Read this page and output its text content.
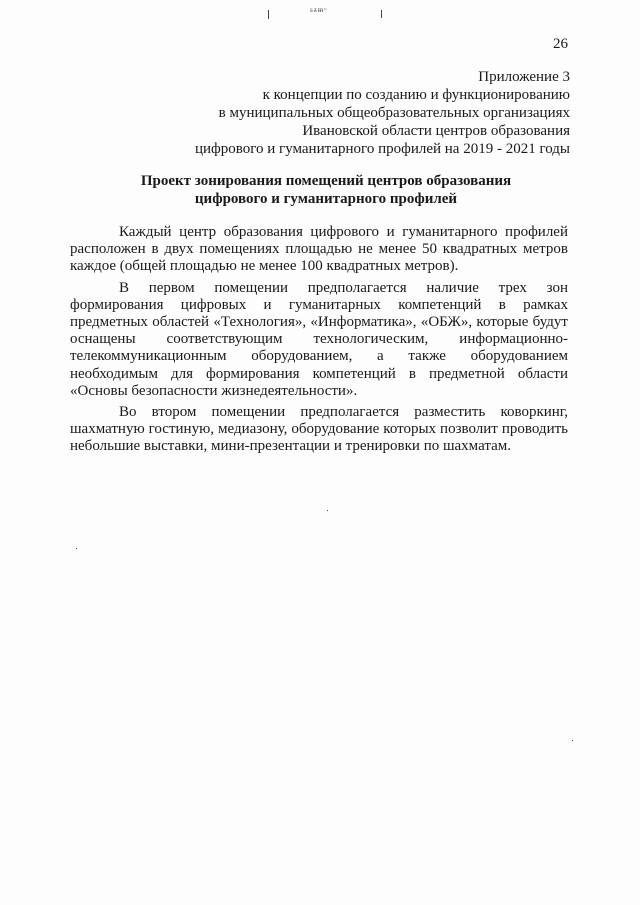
ᵴᵶᵯᵸ
26
Приложение 3
к концепции по созданию и функционированию
в муниципальных общеобразовательных организациях
Ивановской области центров образования
цифрового и гуманитарного профилей на 2019 - 2021 годы
Проект зонирования помещений центров образования
цифрового и гуманитарного профилей

Каждый центр образования цифрового и гуманитарного профилей расположен в двух помещениях площадью не менее 50 квадратных метров каждое (общей площадью не менее 100 квадратных метров).

В первом помещении предполагается наличие трех зон формирования цифровых и гуманитарных компетенций в рамках предметных областей «Технология», «Информатика», «ОБЖ», которые будут оснащены соответствующим технологическим, информационно-телекоммуникационным оборудованием, а также оборудованием необходимым для формирования компетенций в предметной области «Основы безопасности жизнедеятельности».

Во втором помещении предполагается разместить коворкинг, шахматную гостиную, медиазону, оборудование которых позволит проводить небольшие выставки, мини-презентации и тренировки по шахматам.
